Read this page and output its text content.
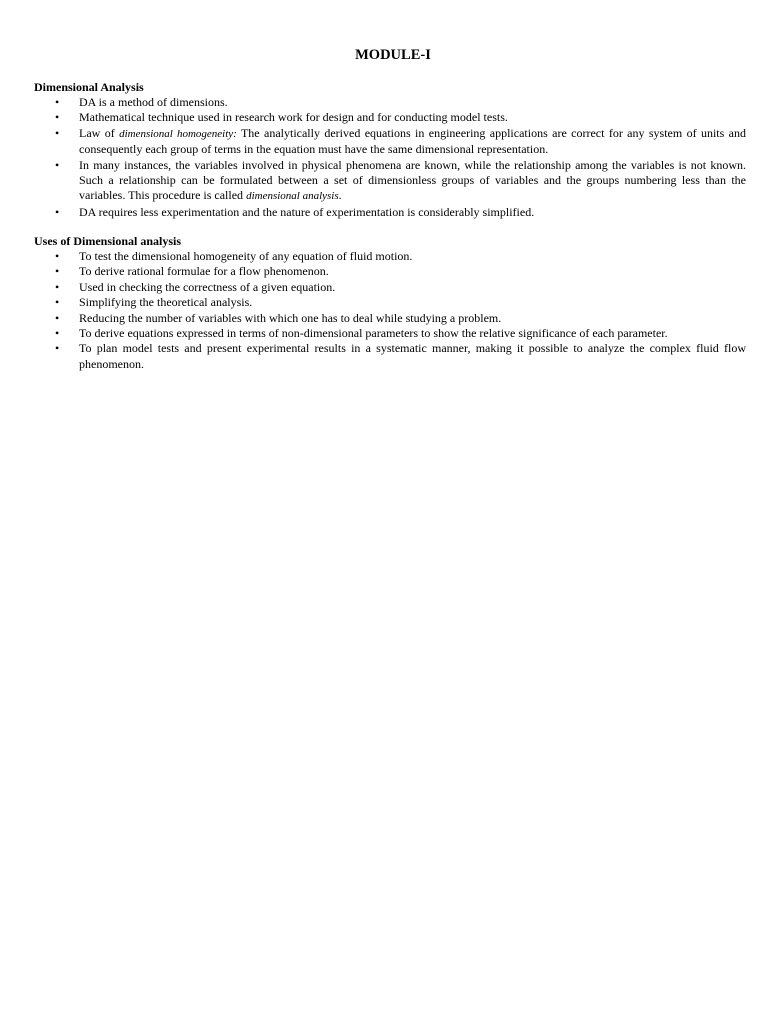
MODULE-I
Dimensional Analysis
• DA is a method of dimensions.
• Mathematical technique used in research work for design and for conducting model tests.
• Law of dimensional homogeneity: The analytically derived equations in engineering applications are correct for any system of units and consequently each group of terms in the equation must have the same dimensional representation.
• In many instances, the variables involved in physical phenomena are known, while the relationship among the variables is not known. Such a relationship can be formulated between a set of dimensionless groups of variables and the groups numbering less than the variables. This procedure is called dimensional analysis.
• DA requires less experimentation and the nature of experimentation is considerably simplified.
Uses of Dimensional analysis
• To test the dimensional homogeneity of any equation of fluid motion.
• To derive rational formulae for a flow phenomenon.
• Used in checking the correctness of a given equation.
• Simplifying the theoretical analysis.
• Reducing the number of variables with which one has to deal while studying a problem.
• To derive equations expressed in terms of non-dimensional parameters to show the relative significance of each parameter.
• To plan model tests and present experimental results in a systematic manner, making it possible to analyze the complex fluid flow phenomenon.
